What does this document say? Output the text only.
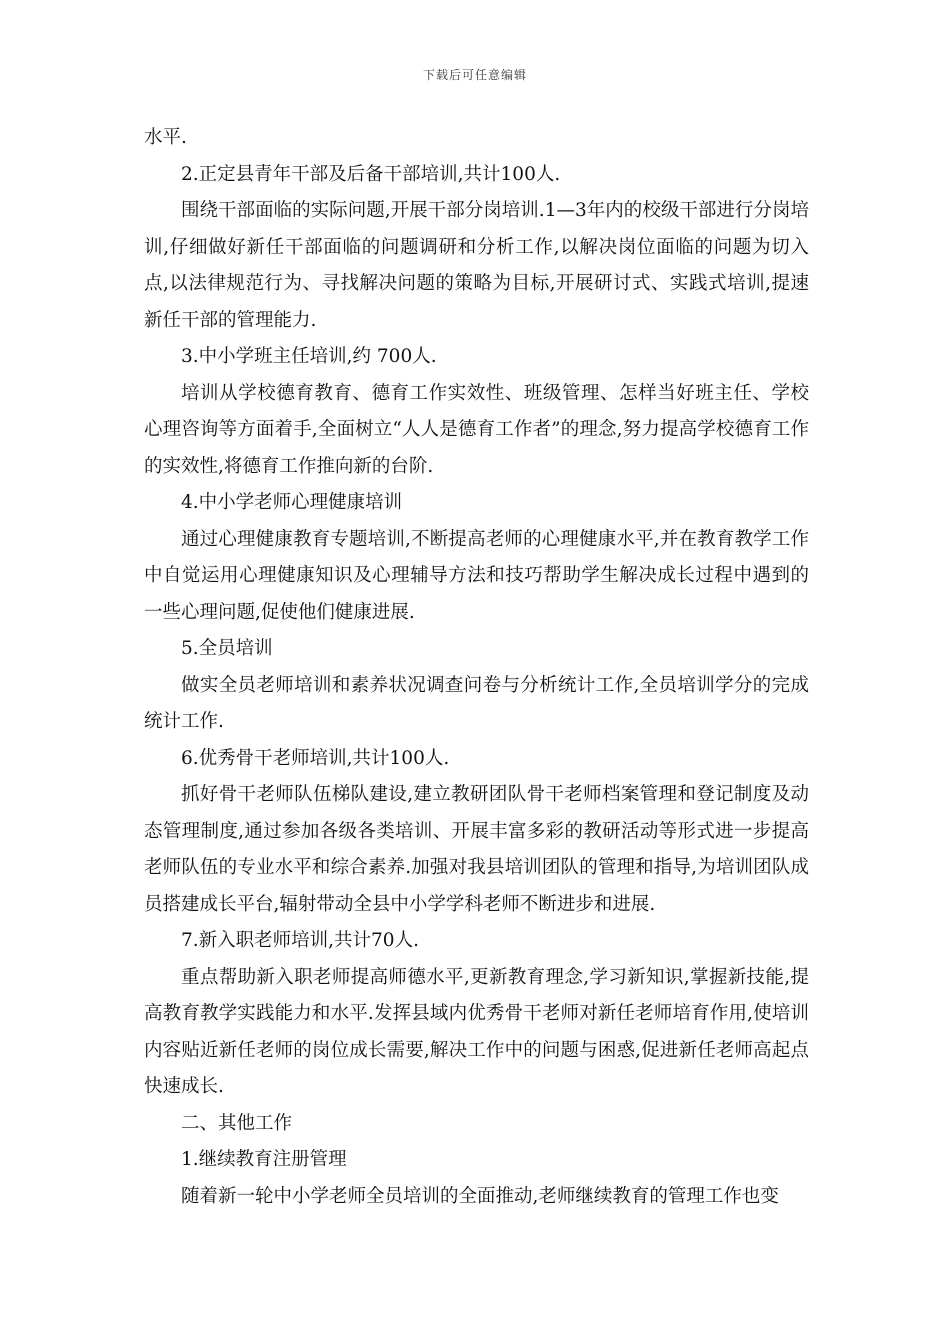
下载后可任意编辑

水平.

2.正定县青年干部及后备干部培训,共计100人.

围绕干部面临的实际问题,开展干部分岗培训.1—3年内的校级干部进行分岗培训,仔细做好新任干部面临的问题调研和分析工作,以解决岗位面临的问题为切入点,以法律规范行为、寻找解决问题的策略为目标,开展研讨式、实践式培训,提速新任干部的管理能力.

3.中小学班主任培训,约 700人.

培训从学校德育教育、德育工作实效性、班级管理、怎样当好班主任、学校心理咨询等方面着手,全面树立“人人是德育工作者”的理念,努力提高学校德育工作的实效性,将德育工作推向新的台阶.

4.中小学老师心理健康培训

通过心理健康教育专题培训,不断提高老师的心理健康水平,并在教育教学工作中自觉运用心理健康知识及心理辅导方法和技巧帮助学生解决成长过程中遇到的一些心理问题,促使他们健康进展.

5.全员培训

做实全员老师培训和素养状况调查问卷与分析统计工作,全员培训学分的完成统计工作.

6.优秀骨干老师培训,共计100人.

抓好骨干老师队伍梯队建设,建立教研团队骨干老师档案管理和登记制度及动态管理制度,通过参加各级各类培训、开展丰富多彩的教研活动等形式进一步提高老师队伍的专业水平和综合素养.加强对我县培训团队的管理和指导,为培训团队成员搭建成长平台,辐射带动全县中小学学科老师不断进步和进展.

7.新入职老师培训,共计70人.

重点帮助新入职老师提高师德水平,更新教育理念,学习新知识,掌握新技能,提高教育教学实践能力和水平.发挥县域内优秀骨干老师对新任老师培育作用,使培训内容贴近新任老师的岗位成长需要,解决工作中的问题与困惑,促进新任老师高起点快速成长.

二、其他工作

1.继续教育注册管理

随着新一轮中小学老师全员培训的全面推动,老师继续教育的管理工作也变
